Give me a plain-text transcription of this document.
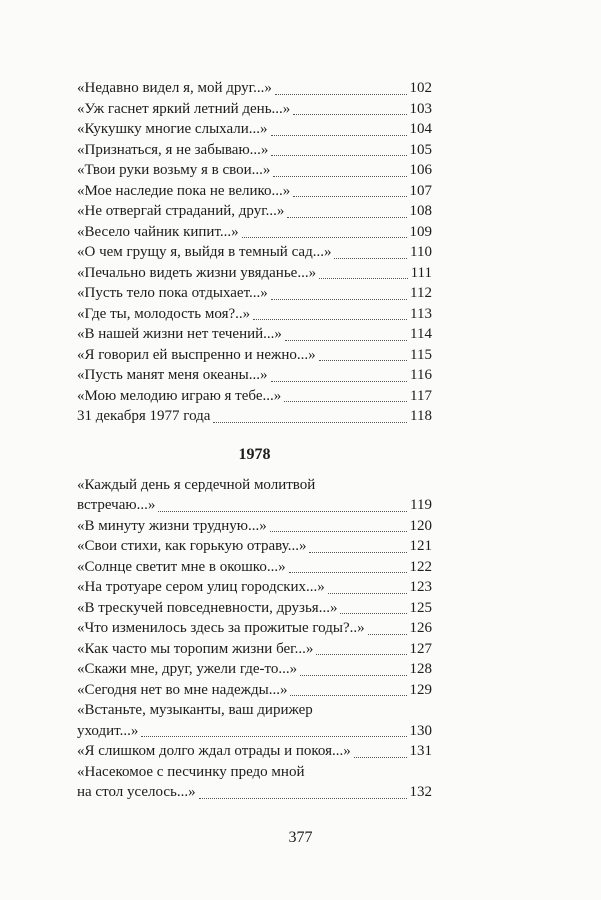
«Недавно видел я, мой друг...»	102
«Уж гаснет яркий летний день...»	103
«Кукушку многие слыхали...»	104
«Признаться, я не забываю...»	105
«Твои руки возьму я в свои...»	106
«Мое наследие пока не велико...»	107
«Не отвергай страданий, друг...»	108
«Весело чайник кипит...»	109
«О чем грущу я, выйдя в темный сад...»	110
«Печально видеть жизни увяданье...»	111
«Пусть тело пока отдыхает...»	112
«Где ты, молодость моя?..»	113
«В нашей жизни нет течений...»	114
«Я говорил ей выспренно и нежно...»	115
«Пусть манят меня океаны...»	116
«Мою мелодию играю я тебе...»	117
31 декабря 1977 года	118
1978
«Каждый день я сердечной молитвой
встречаю...»	119
«В минуту жизни трудную...»	120
«Свои стихи, как горькую отраву...»	121
«Солнце светит мне в окошко...»	122
«На тротуаре сером улиц городских...»	123
«В трескучей повседневности, друзья...»	125
«Что изменилось здесь за прожитые годы?..»	126
«Как часто мы торопим жизни бег...»	127
«Скажи мне, друг, ужели где-то...»	128
«Сегодня нет во мне надежды...»	129
«Встаньте, музыканты, ваш дирижер
уходит...»	130
«Я слишком долго ждал отрады и покоя...»	131
«Насекомое с песчинку предо мной
на стол уселось...»	132
377
